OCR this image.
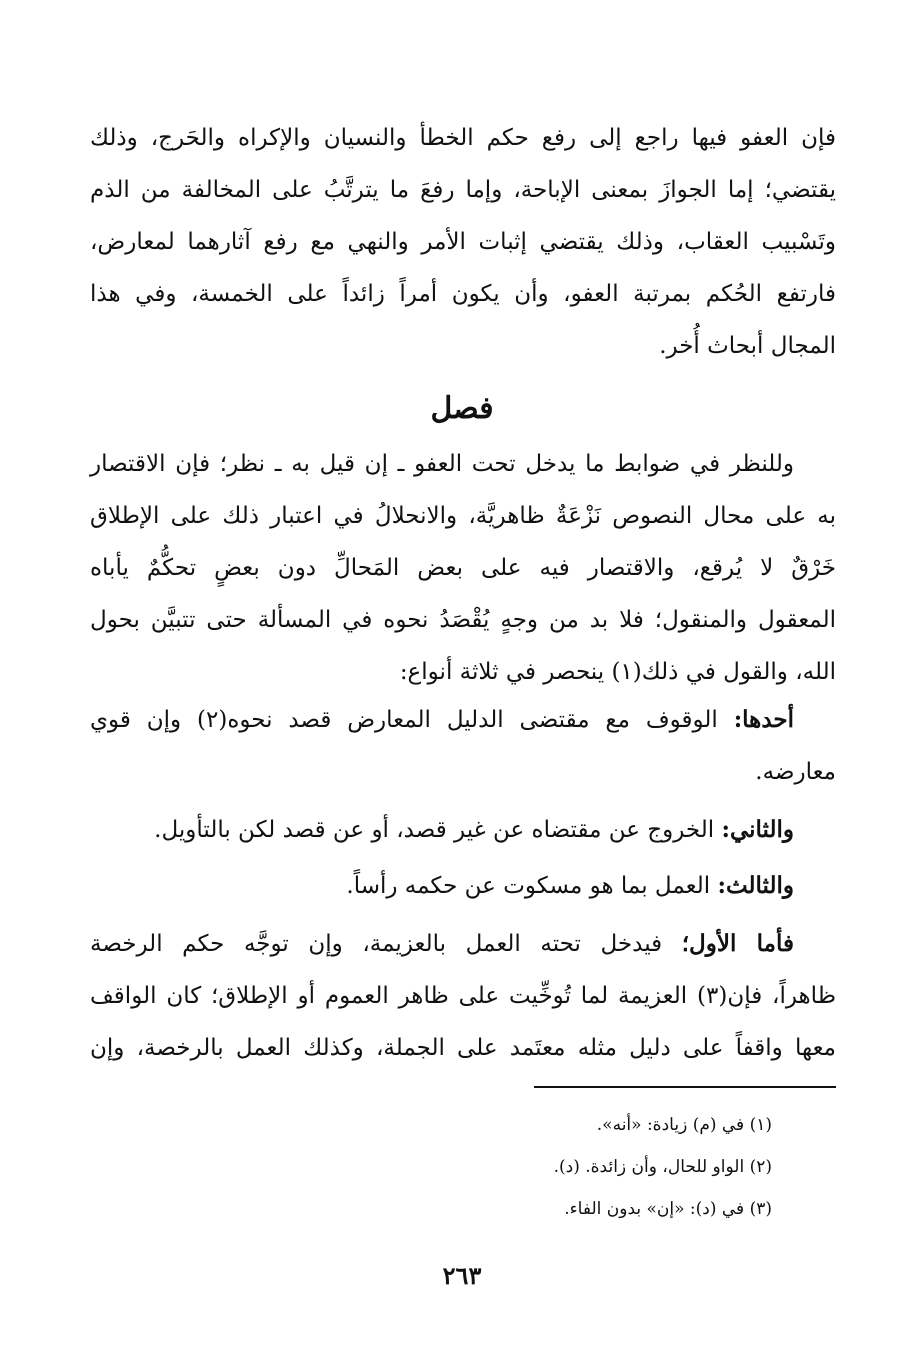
فإن العفو فيها راجع إلى رفع حكم الخطأ والنسيان والإكراه والحَرج، وذلك
يقتضي؛ إما الجوازَ بمعنى الإباحة، وإما رفعَ ما يترتَّبُ على المخالفة من الذم
وتَسْبيب العقاب، وذلك يقتضي إثبات الأمر والنهي مع رفع آثارهما لمعارض،
فارتفع الحُكم بمرتبة العفو، وأن يكون أمراً زائداً على الخمسة، وفي هذا
المجال أبحاث أُخر.
فصل
وللنظر في ضوابط ما يدخل تحت العفو ـ إن قيل به ـ نظر؛ فإن الاقتصار
به على محال النصوص نَزْعَةٌ ظاهريَّة، والانحلالُ في اعتبار ذلك على الإطلاق
خَرْقٌ لا يُرقع، والاقتصار فيه على بعض المَحالِّ دون بعضٍ تحكُّمٌ يأباه
المعقول والمنقول؛ فلا بد من وجهٍ يُقْصَدُ نحوه في المسألة حتى تتبيَّن بحول
الله، والقول في ذلك(١) ينحصر في ثلاثة أنواع:
أحدها: الوقوف مع مقتضى الدليل المعارض قصد نحوه(٢) وإن قوي
معارضه.
والثاني: الخروج عن مقتضاه عن غير قصد، أو عن قصد لكن بالتأويل.
والثالث: العمل بما هو مسكوت عن حكمه رأساً.
فأما الأول؛ فيدخل تحته العمل بالعزيمة، وإن توجَّه حكم الرخصة
ظاهراً، فإن(٣) العزيمة لما تُوخِّيت على ظاهر العموم أو الإطلاق؛ كان الواقف
معها واقفاً على دليل مثله معتَمد على الجملة، وكذلك العمل بالرخصة، وإن
(١) في (م) زيادة: «أنه».
(٢) الواو للحال، وأن زائدة. (د).
(٣) في (د): «إن» بدون الفاء.
٢٦٣
